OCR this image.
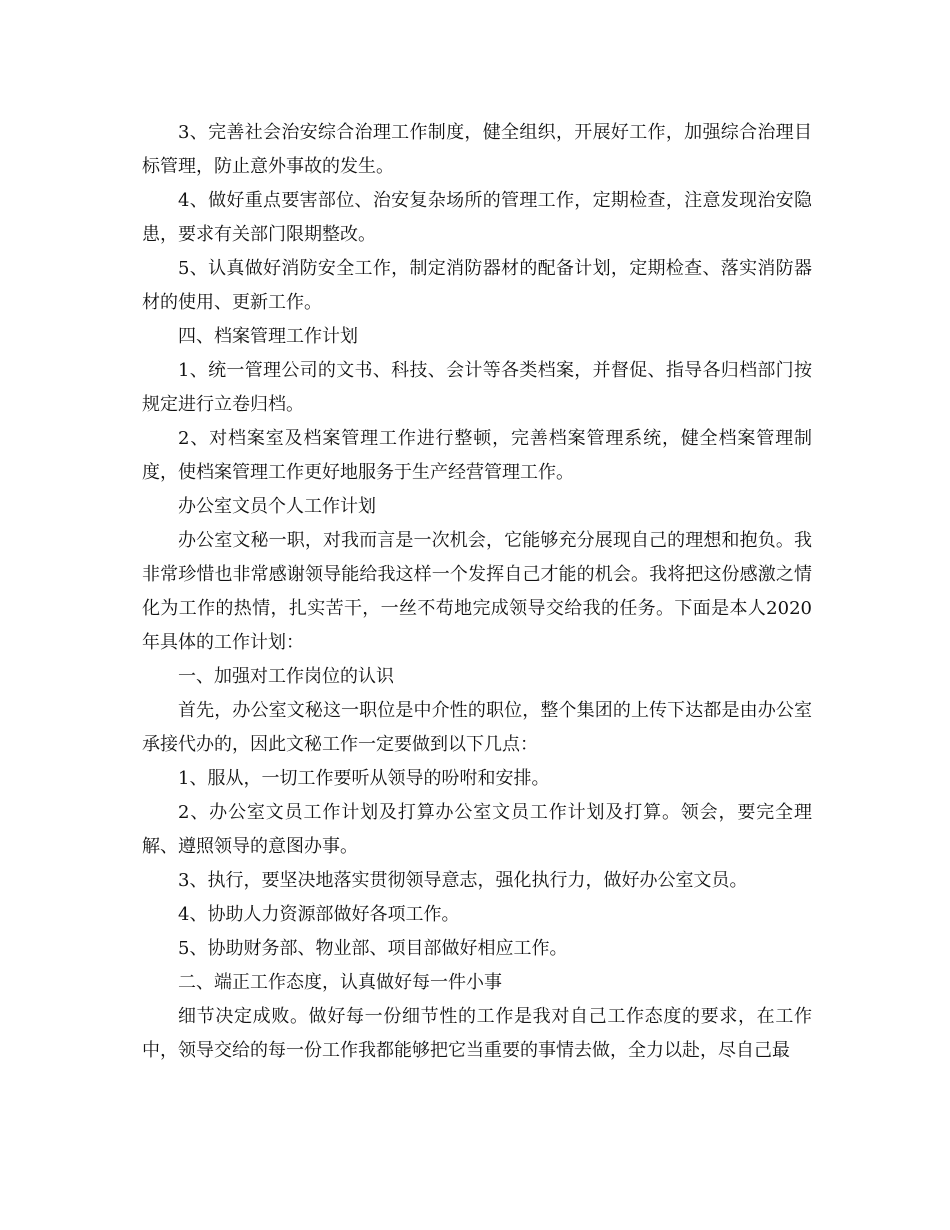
3、完善社会治安综合治理工作制度，健全组织，开展好工作，加强综合治理目标管理，防止意外事故的发生。

4、做好重点要害部位、治安复杂场所的管理工作，定期检查，注意发现治安隐患，要求有关部门限期整改。

5、认真做好消防安全工作，制定消防器材的配备计划，定期检查、落实消防器材的使用、更新工作。

四、档案管理工作计划

1、统一管理公司的文书、科技、会计等各类档案，并督促、指导各归档部门按规定进行立卷归档。

2、对档案室及档案管理工作进行整顿，完善档案管理系统，健全档案管理制度，使档案管理工作更好地服务于生产经营管理工作。

办公室文员个人工作计划

办公室文秘一职，对我而言是一次机会，它能够充分展现自己的理想和抱负。我非常珍惜也非常感谢领导能给我这样一个发挥自己才能的机会。我将把这份感激之情化为工作的热情，扎实苦干，一丝不苟地完成领导交给我的任务。下面是本人2020年具体的工作计划：

一、加强对工作岗位的认识

首先，办公室文秘这一职位是中介性的职位，整个集团的上传下达都是由办公室承接代办的，因此文秘工作一定要做到以下几点：

1、服从，一切工作要听从领导的吩咐和安排。

2、办公室文员工作计划及打算办公室文员工作计划及打算。领会，要完全理解、遵照领导的意图办事。

3、执行，要坚决地落实贯彻领导意志，强化执行力，做好办公室文员。

4、协助人力资源部做好各项工作。

5、协助财务部、物业部、项目部做好相应工作。

二、端正工作态度，认真做好每一件小事

细节决定成败。做好每一份细节性的工作是我对自己工作态度的要求，在工作中，领导交给的每一份工作我都能够把它当重要的事情去做，全力以赴，尽自己最
